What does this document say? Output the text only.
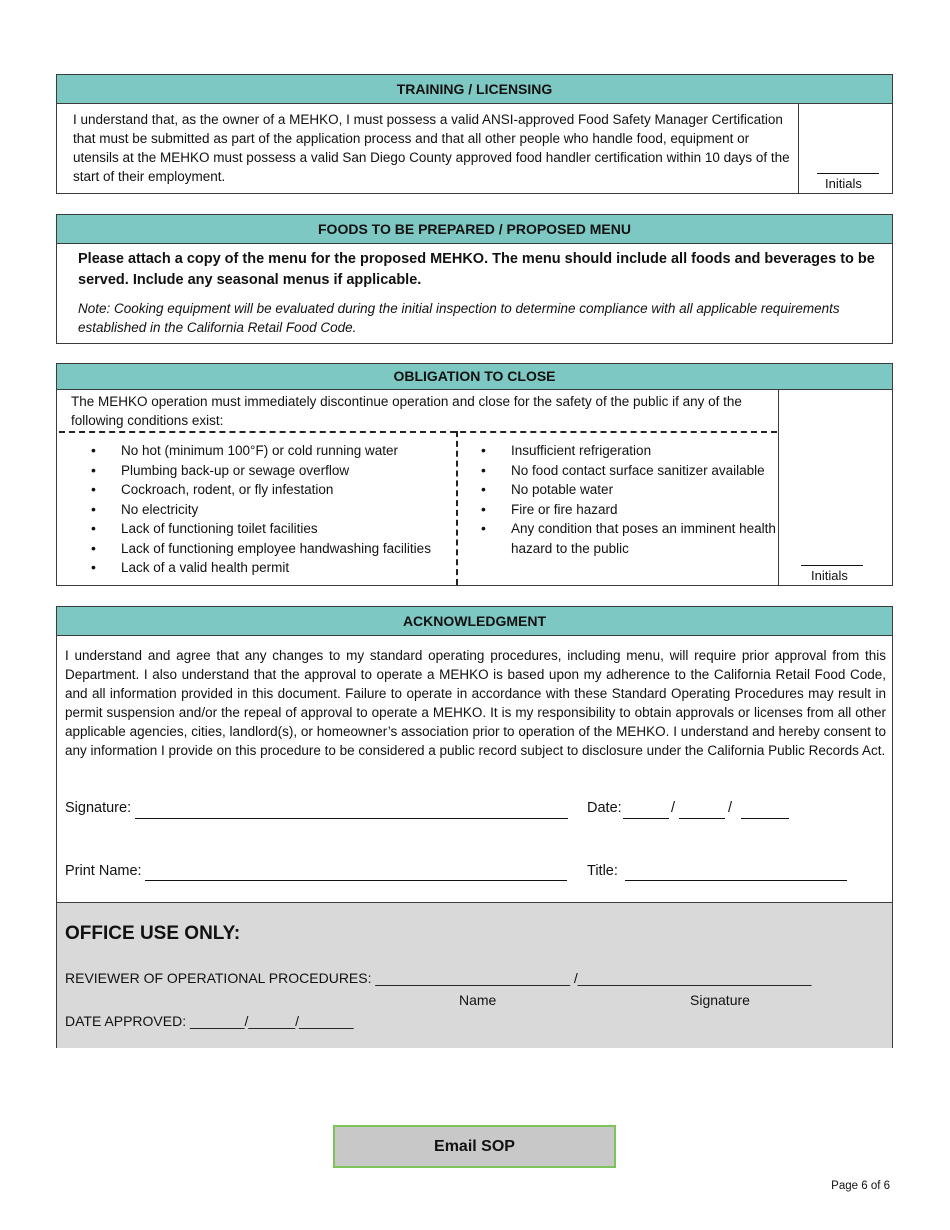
TRAINING / LICENSING
I understand that, as the owner of a MEHKO, I must possess a valid ANSI-approved Food Safety Manager Certification that must be submitted as part of the application process and that all other people who handle food, equipment or utensils at the MEHKO must possess a valid San Diego County approved food handler certification within 10 days of the start of their employment.	Initials
FOODS TO BE PREPARED / PROPOSED MENU
Please attach a copy of the menu for the proposed MEHKO. The menu should include all foods and beverages to be served. Include any seasonal menus if applicable.
Note: Cooking equipment will be evaluated during the initial inspection to determine compliance with all applicable requirements established in the California Retail Food Code.
OBLIGATION TO CLOSE
The MEHKO operation must immediately discontinue operation and close for the safety of the public if any of the following conditions exist:
• No hot (minimum 100°F) or cold running water
• Plumbing back-up or sewage overflow
• Cockroach, rodent, or fly infestation
• No electricity
• Lack of functioning toilet facilities
• Lack of functioning employee handwashing facilities
• Lack of a valid health permit
• Insufficient refrigeration
• No food contact surface sanitizer available
• No potable water
• Fire or fire hazard
• Any condition that poses an imminent health hazard to the public
Initials
ACKNOWLEDGMENT
I understand and agree that any changes to my standard operating procedures, including menu, will require prior approval from this Department. I also understand that the approval to operate a MEHKO is based upon my adherence to the California Retail Food Code, and all information provided in this document. Failure to operate in accordance with these Standard Operating Procedures may result in permit suspension and/or the repeal of approval to operate a MEHKO. It is my responsibility to obtain approvals or licenses from all other applicable agencies, cities, landlord(s), or homeowner’s association prior to operation of the MEHKO. I understand and hereby consent to any information I provide on this procedure to be considered a public record subject to disclosure under the California Public Records Act.
Signature:	Date:	/	/
Print Name:	Title:
OFFICE USE ONLY:
REVIEWER OF OPERATIONAL PROCEDURES: _________________________ /______________________________
Name	Signature
DATE APPROVED: _______/______/_______
Email SOP
Page 6 of 6
